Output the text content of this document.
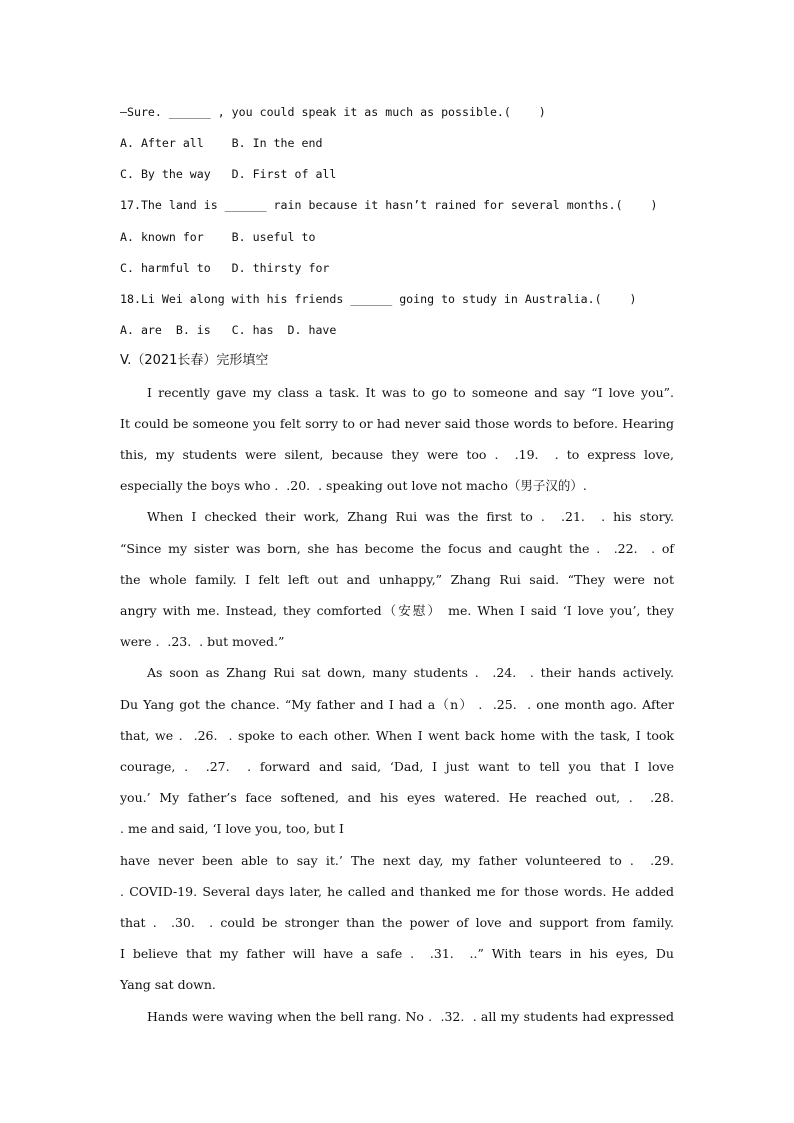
—Sure. ______ , you could speak it as much as possible.(    )
A. After all    B. In the end
C. By the way   D. First of all
17.The land is ______ rain because it hasn’t rained for several months.(    )
A. known for    B. useful to
C. harmful to   D. thirsty for
18.Li Wei along with his friends ______ going to study in Australia.(    )
A. are  B. is   C. has  D. have
V.（2021长春）完形填空
I recently gave my class a task. It was to go to someone and say “I love you”.
It could be someone you felt sorry to or had never said those words to before. Hearing
this, my students were silent, because they were too .  .19.  . to express love,
especially the boys who .  .20.  . speaking out love not macho（男子汉的）.
When I checked their work, Zhang Rui was the first to .  .21.  . his story.
“Since my sister was born, she has become the focus and caught the .  .22.  . of
the whole family. I felt left out and unhappy,” Zhang Rui said. “They were not
angry with me. Instead, they comforted（安慰） me. When I said ‘I love you’, they
were .  .23.  . but moved.”
As soon as Zhang Rui sat down, many students .  .24.  . their hands actively.
Du Yang got the chance. “My father and I had a（n） .  .25.  . one month ago. After
that, we .  .26.  . spoke to each other. When I went back home with the task, I took
courage, .  .27.  . forward and said, ‘Dad, I just want to tell you that I love
you.’ My father’s face softened, and his eyes watered. He reached out, .  .28.
. me and said, ‘I love you, too, but I
have never been able to say it.’ The next day, my father volunteered to .  .29.
. COVID-19. Several days later, he called and thanked me for those words. He added
that .  .30.  . could be stronger than the power of love and support from family.
I believe that my father will have a safe .  .31.  ..” With tears in his eyes, Du
Yang sat down.
Hands were waving when the bell rang. No .  .32.  . all my students had expressed
